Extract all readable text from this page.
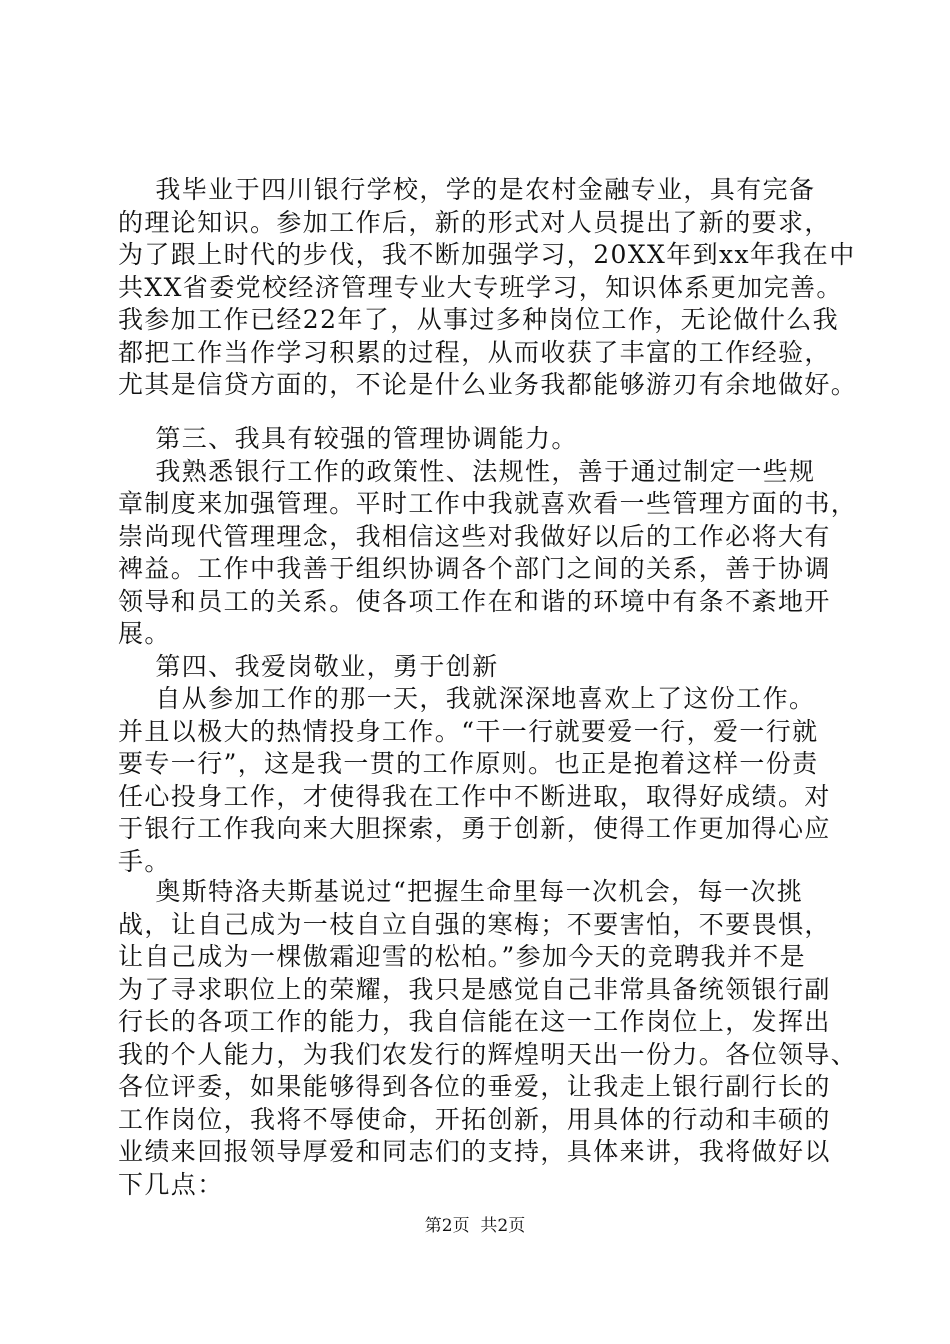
我毕业于四川银行学校，学的是农村金融专业，具有完备
的理论知识。参加工作后，新的形式对人员提出了新的要求，
为了跟上时代的步伐，我不断加强学习，20XX年到xx年我在中
共XX省委党校经济管理专业大专班学习，知识体系更加完善。
我参加工作已经22年了，从事过多种岗位工作，无论做什么我
都把工作当作学习积累的过程，从而收获了丰富的工作经验，
尤其是信贷方面的，不论是什么业务我都能够游刃有余地做好。
第三、我具有较强的管理协调能力。
我熟悉银行工作的政策性、法规性，善于通过制定一些规
章制度来加强管理。平时工作中我就喜欢看一些管理方面的书，
崇尚现代管理理念，我相信这些对我做好以后的工作必将大有
裨益。工作中我善于组织协调各个部门之间的关系，善于协调
领导和员工的关系。使各项工作在和谐的环境中有条不紊地开
展。
第四、我爱岗敬业，勇于创新
自从参加工作的那一天，我就深深地喜欢上了这份工作。
并且以极大的热情投身工作。“干一行就要爱一行，爱一行就
要专一行”，这是我一贯的工作原则。也正是抱着这样一份责
任心投身工作，才使得我在工作中不断进取，取得好成绩。对
于银行工作我向来大胆探索，勇于创新，使得工作更加得心应
手。
奥斯特洛夫斯基说过“把握生命里每一次机会，每一次挑
战，让自己成为一枝自立自强的寒梅；不要害怕，不要畏惧，
让自己成为一棵傲霜迎雪的松柏。”参加今天的竞聘我并不是
为了寻求职位上的荣耀，我只是感觉自己非常具备统领银行副
行长的各项工作的能力，我自信能在这一工作岗位上，发挥出
我的个人能力，为我们农发行的辉煌明天出一份力。各位领导、
各位评委，如果能够得到各位的垂爱，让我走上银行副行长的
工作岗位，我将不辱使命，开拓创新，用具体的行动和丰硕的
业绩来回报领导厚爱和同志们的支持，具体来讲，我将做好以
下几点：
第2页  共2页
